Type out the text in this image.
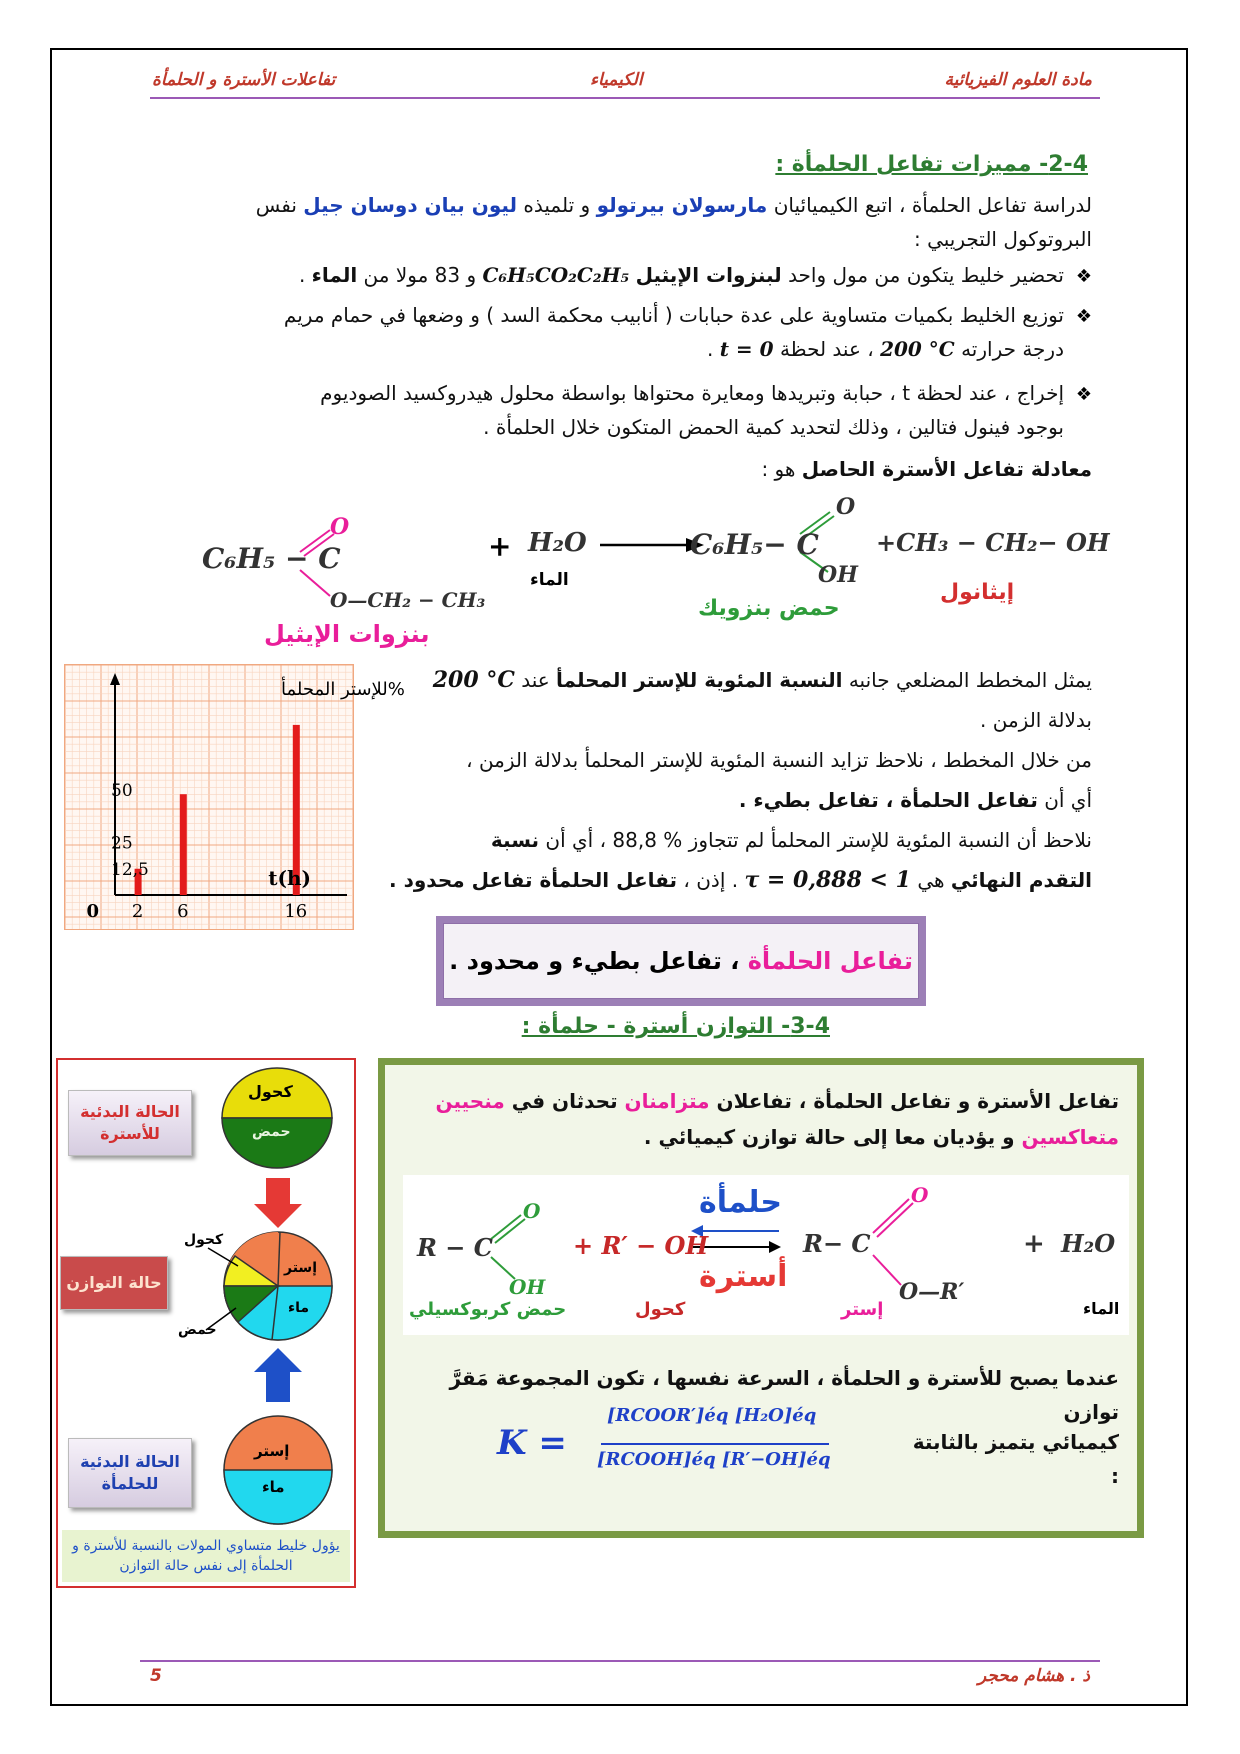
مادة العلوم الفيزيائية
الكيمياء
تفاعلات الأسترة و الحلمأة
2-4- مميزات تفاعل الحلمأة :
لدراسة تفاعل الحلمأة ، اتبع الكيميائيان مارسولان بيرتولو و تلميذه ليون بيان دوسان جيل نفس
البروتوكول التجريبي :
❖
تحضير خليط يتكون من مول واحد لبنزوات الإيثيل C₆H₅CO₂C₂H₅ و 83 مولا من الماء .
❖
توزيع الخليط بكميات متساوية على عدة حبابات ( أنابيب محكمة السد ) و وضعها في حمام مريم
درجة حرارته 200 °C ، عند لحظة t = 0 .
❖
إخراج ، عند لحظة t ، حبابة وتبريدها ومعايرة محتواها بواسطة محلول هيدروكسيد الصوديوم
بوجود فينول فتالين ، وذلك لتحديد كمية الحمض المتكون خلال الحلمأة .
معادلة تفاعل الأسترة الحاصل هو :
C₆H₅ − C
O
O—CH₂ − CH₃
+ H₂O	C₆H₅− C
O
OH
+CH₃ − CH₂− OH
الماء
بنزوات الإيثيل
حمض بنزويك
إيثانول
2 6	16
12,5
25
50
0
t(h)
%للإستر المحلمأ	يمثل المخطط المضلعي جانبه النسبة المئوية للإستر المحلمأ عند 200 °C
بدلالة الزمن .
من خلال المخطط ، نلاحظ تزايد النسبة المئوية للإستر المحلمأ بدلالة الزمن ،
أي أن تفاعل الحلمأة ، تفاعل بطيء .
نلاحظ أن النسبة المئوية للإستر المحلمأ لم تتجاوز % 88,8 ، أي أن نسبة
التقدم النهائي هي τ = 0,888 < 1 . إذن ، تفاعل الحلمأة تفاعل محدود .
تفاعل الحلمأة

، تفاعل بطيء و محدود .
3-4- التوازن أسترة - حلمأة :
كحول
حمض
إستر
ماء
كحول
حمض
إستر
ماء
الحالة البدئية للأسترة
حالة التوازن
الحالة البدئية للحلمأة
يؤول خليط متساوي المولات بالنسبة للأسترة و الحلمأة إلى نفس حالة التوازن
تفاعل الأسترة و تفاعل الحلمأة ، تفاعلان متزامنان تحدثان في منحيين
متعاكسين و يؤديان معا إلى حالة توازن كيميائي .
R − C
O
OH
+ R′ − OH
حلمأة
أسترة
R− C
O
O—R′
+ H₂O
حمض كربوكسيلي	كحول	إستر	الماء
عندما يصبح للأسترة و الحلمأة ، السرعة نفسها ، تكون المجموعة مَقرَّ توازن
كيميائي يتميز بالثابتة :
K =
[RCOOR′]éq [H₂O]éq
[RCOOH]éq [R′−OH]éq
5	ذ . هشام محجر
